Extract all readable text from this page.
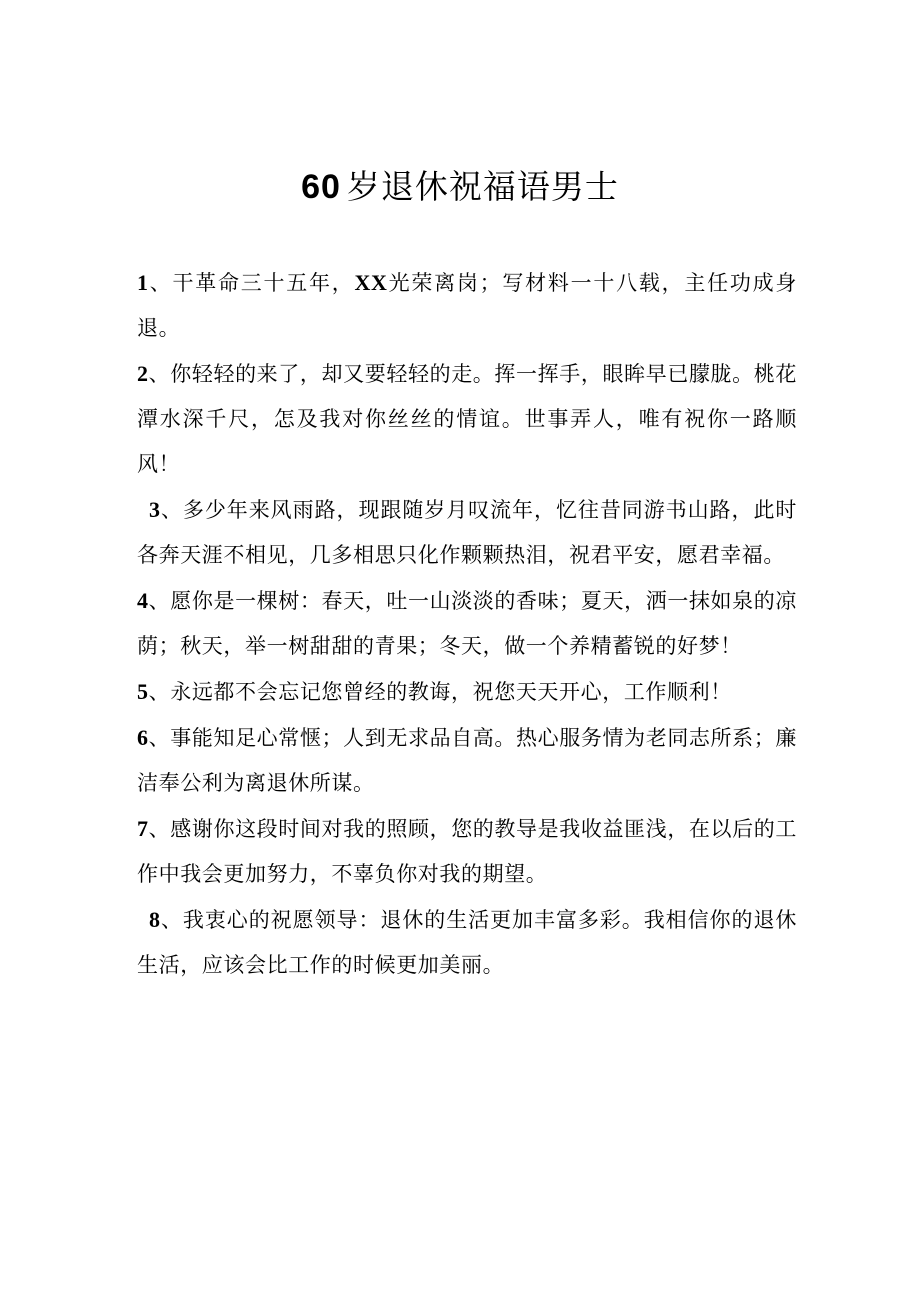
60 岁退休祝福语男士

1、干革命三十五年，XX光荣离岗；写材料一十八载，主任功成身退。

2、你轻轻的来了，却又要轻轻的走。挥一挥手，眼眸早已朦胧。桃花潭水深千尺，怎及我对你丝丝的情谊。世事弄人，唯有祝你一路顺风！

3、多少年来风雨路，现跟随岁月叹流年，忆往昔同游书山路，此时各奔天涯不相见，几多相思只化作颗颗热泪，祝君平安，愿君幸福。

4、愿你是一棵树：春天，吐一山淡淡的香味；夏天，洒一抹如泉的凉荫；秋天，举一树甜甜的青果；冬天，做一个养精蓄锐的好梦！

5、永远都不会忘记您曾经的教诲，祝您天天开心，工作顺利！

6、事能知足心常惬；人到无求品自高。热心服务情为老同志所系；廉洁奉公利为离退休所谋。

7、感谢你这段时间对我的照顾，您的教导是我收益匪浅，在以后的工作中我会更加努力，不辜负你对我的期望。

8、我衷心的祝愿领导：退休的生活更加丰富多彩。我相信你的退休生活，应该会比工作的时候更加美丽。
